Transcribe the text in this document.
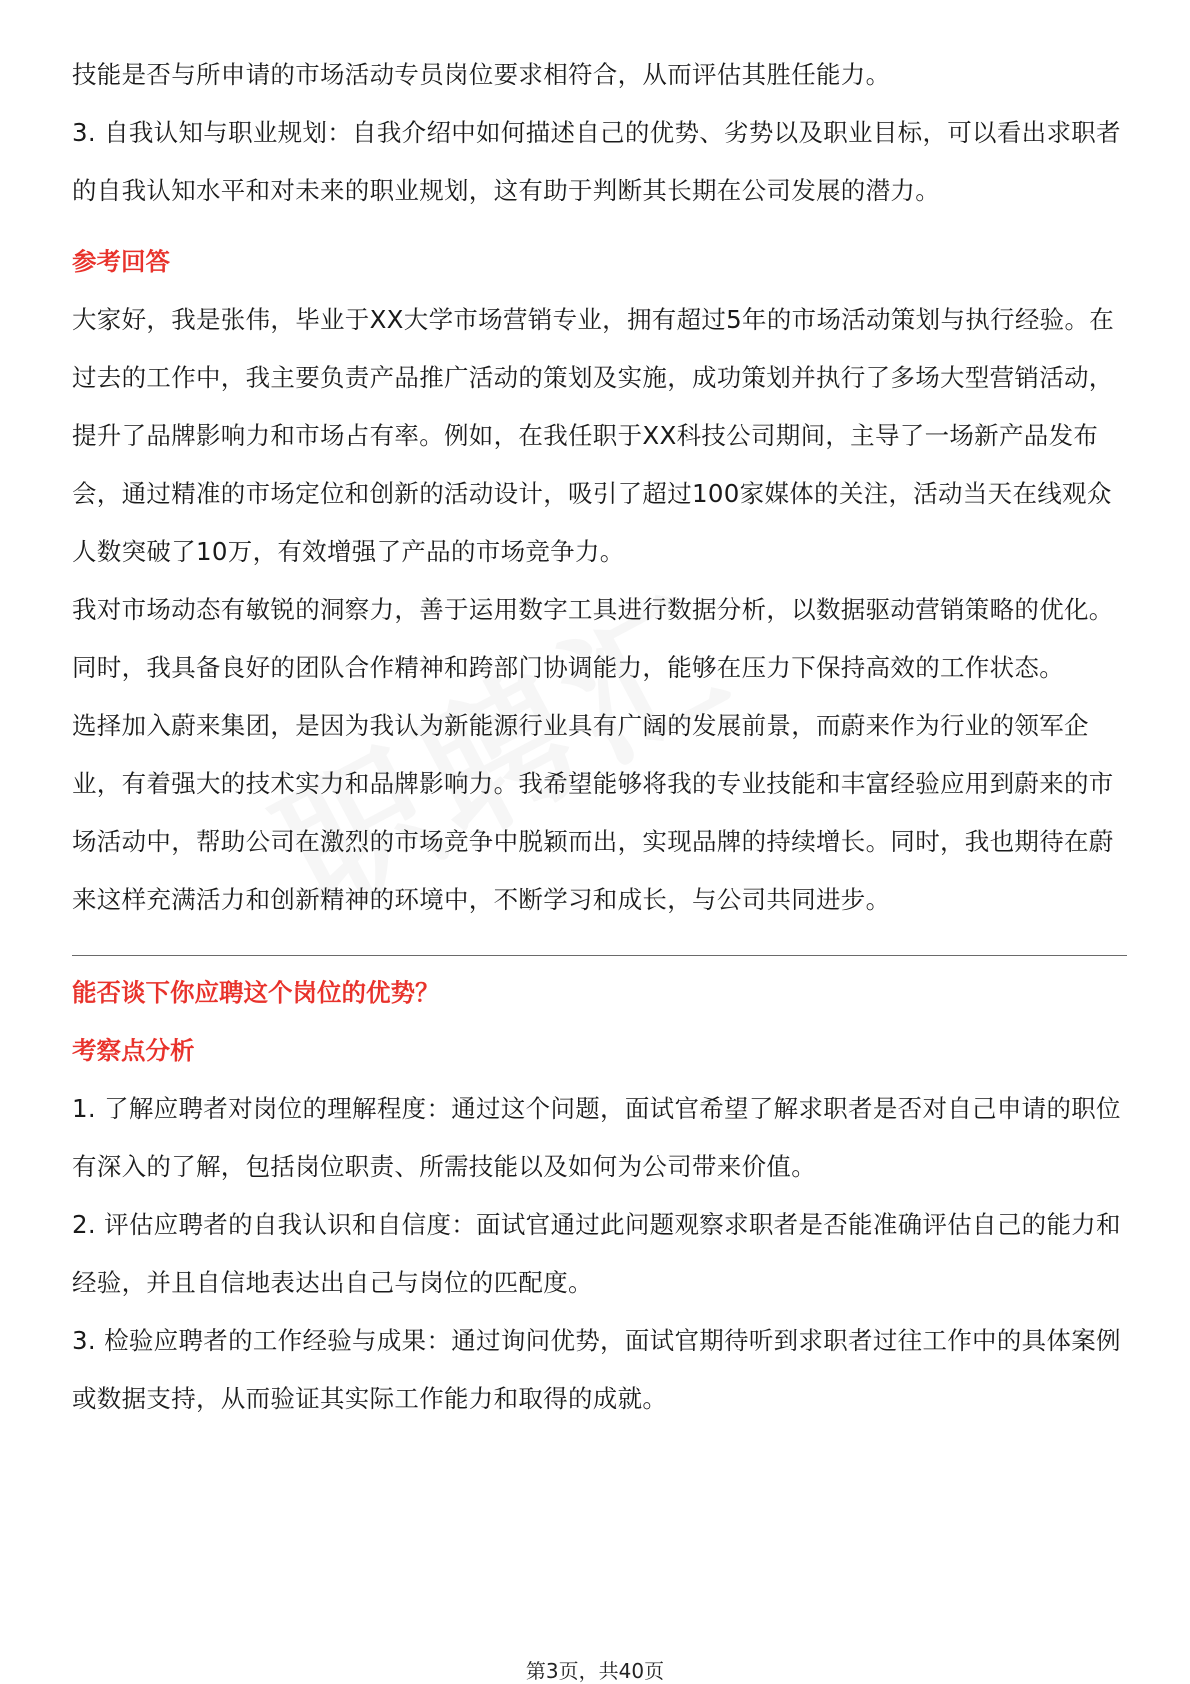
技能是否与所申请的市场活动专员岗位要求相符合，从而评估其胜任能力。

3. 自我认知与职业规划：自我介绍中如何描述自己的优势、劣势以及职业目标，可以看出求职者的自我认知水平和对未来的职业规划，这有助于判断其长期在公司发展的潜力。

参考回答

大家好，我是张伟，毕业于XX大学市场营销专业，拥有超过5年的市场活动策划与执行经验。在过去的工作中，我主要负责产品推广活动的策划及实施，成功策划并执行了多场大型营销活动，提升了品牌影响力和市场占有率。例如，在我任职于XX科技公司期间，主导了一场新产品发布会，通过精准的市场定位和创新的活动设计，吸引了超过100家媒体的关注，活动当天在线观众人数突破了10万，有效增强了产品的市场竞争力。

我对市场动态有敏锐的洞察力，善于运用数字工具进行数据分析，以数据驱动营销策略的优化。同时，我具备良好的团队合作精神和跨部门协调能力，能够在压力下保持高效的工作状态。

选择加入蔚来集团，是因为我认为新能源行业具有广阔的发展前景，而蔚来作为行业的领军企业，有着强大的技术实力和品牌影响力。我希望能够将我的专业技能和丰富经验应用到蔚来的市场活动中，帮助公司在激烈的市场竞争中脱颖而出，实现品牌的持续增长。同时，我也期待在蔚来这样充满活力和创新精神的环境中，不断学习和成长，与公司共同进步。

能否谈下你应聘这个岗位的优势？

考察点分析

1. 了解应聘者对岗位的理解程度：通过这个问题，面试官希望了解求职者是否对自己申请的职位有深入的了解，包括岗位职责、所需技能以及如何为公司带来价值。

2. 评估应聘者的自我认识和自信度：面试官通过此问题观察求职者是否能准确评估自己的能力和经验，并且自信地表达出自己与岗位的匹配度。

3. 检验应聘者的工作经验与成果：通过询问优势，面试官期待听到求职者过往工作中的具体案例或数据支持，从而验证其实际工作能力和取得的成就。

第3页，共40页
